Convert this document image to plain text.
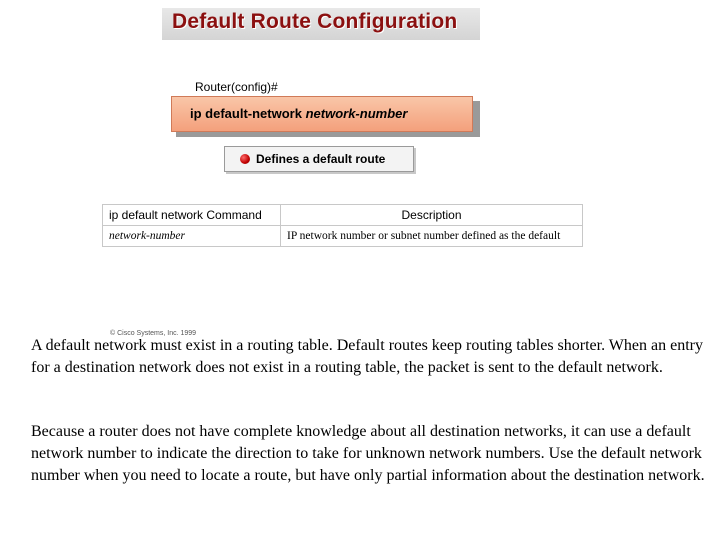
Default Route Configuration
Router(config)#
ip default-network network-number
Defines a default route
ip default network Command	Description
network-number	IP network number or subnet number defined as the default
© Cisco Systems, Inc. 1999

A default network must exist in a routing table. Default routes keep routing tables shorter. When an entry for a destination network does not exist in a routing table, the packet is sent to the default network.

Because a router does not have complete knowledge about all destination networks, it can use a default network number to indicate the direction to take for unknown network numbers. Use the default network number when you need to locate a route, but have only partial information about the destination network.
